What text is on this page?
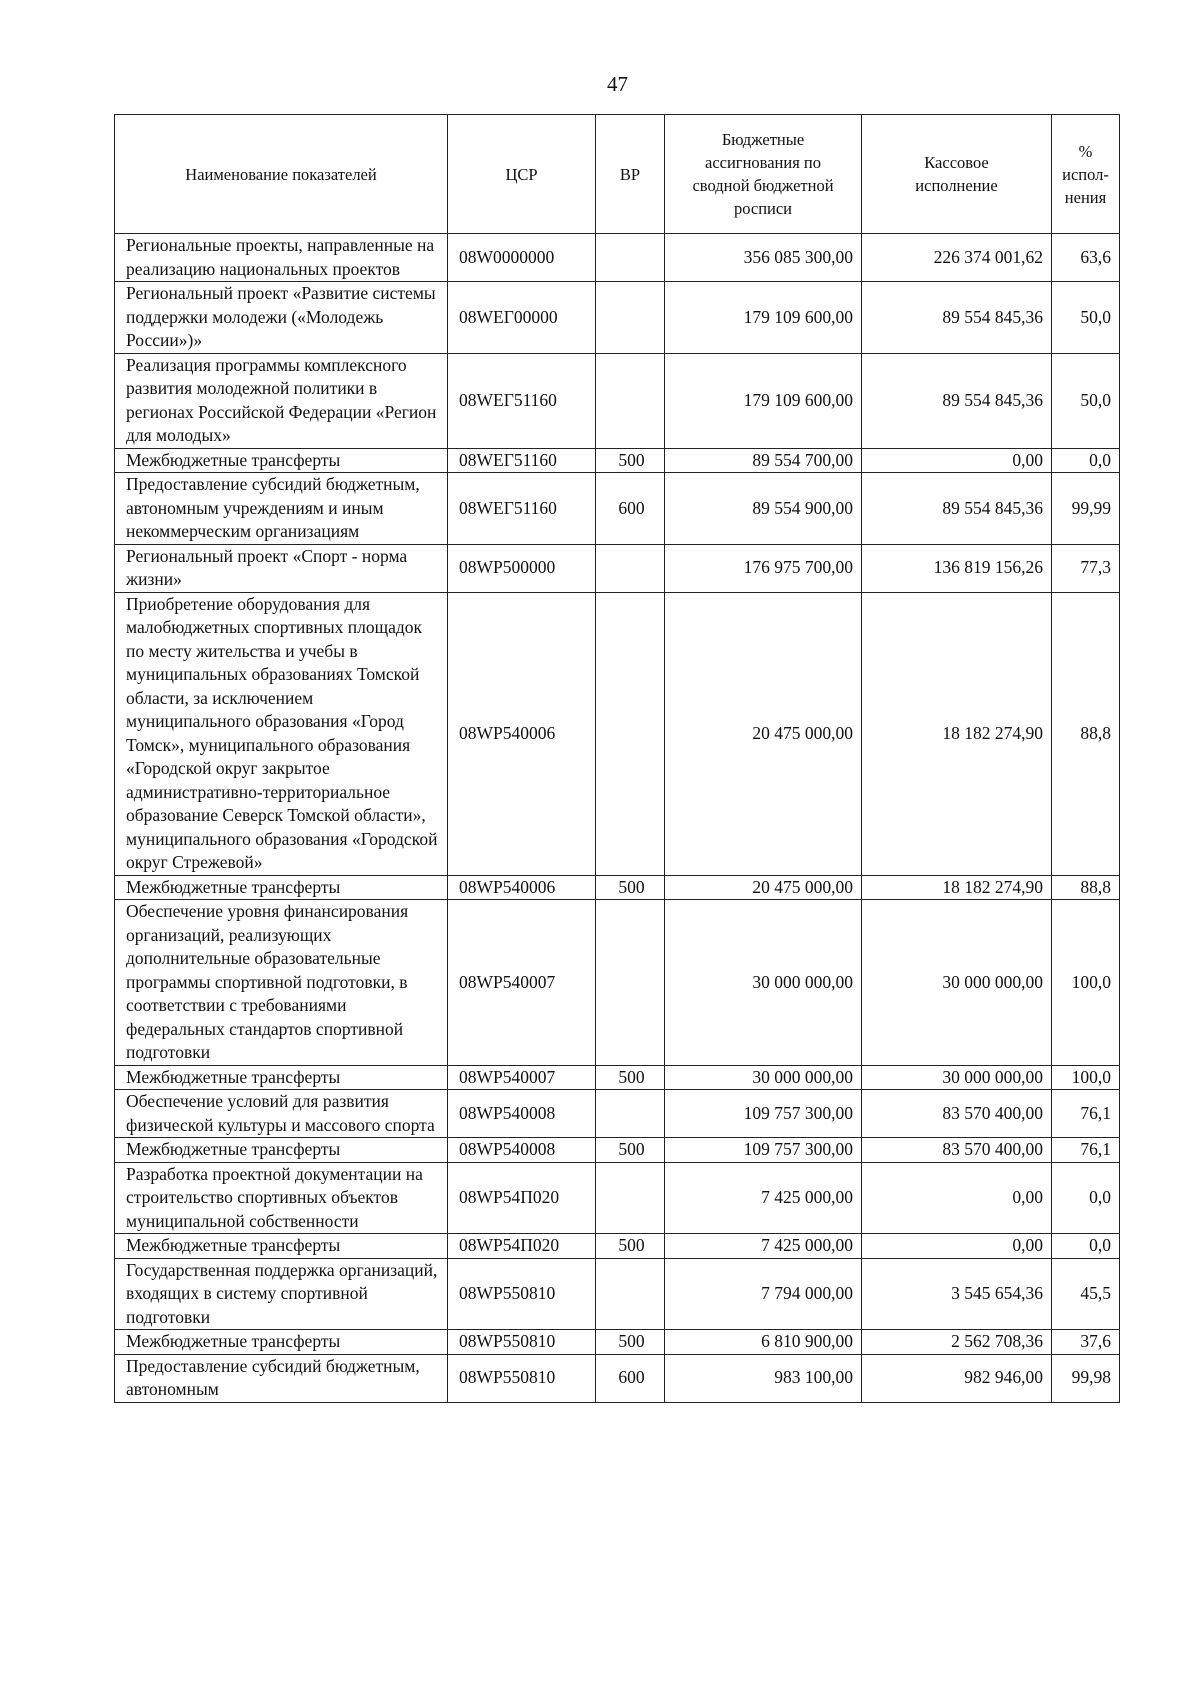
47
Наименование показателей	ЦСР	ВР	Бюджетные ассигнования по сводной бюджетной росписи	Кассовое исполнение	% испол-нения
Региональные проекты, направленные на реализацию национальных проектов	08W0000000		356 085 300,00	226 374 001,62	63,6
Региональный проект «Развитие системы поддержки молодежи («Молодежь России»)»	08WЕГ00000		179 109 600,00	89 554 845,36	50,0
Реализация программы комплексного развития молодежной политики в регионах Российской Федерации «Регион для молодых»	08WЕГ51160		179 109 600,00	89 554 845,36	50,0
Межбюджетные трансферты	08WЕГ51160	500	89 554 700,00	0,00	0,0
Предоставление субсидий бюджетным, автономным учреждениям и иным некоммерческим организациям	08WЕГ51160	600	89 554 900,00	89 554 845,36	99,99
Региональный проект «Спорт - норма жизни»	08WР500000		176 975 700,00	136 819 156,26	77,3
Приобретение оборудования для малобюджетных спортивных площадок по месту жительства и учебы в муниципальных образованиях Томской области, за исключением муниципального образования «Город Томск», муниципального образования «Городской округ закрытое административно-территориальное образование Северск Томской области», муниципального образования «Городской округ Стрежевой»	08WР540006		20 475 000,00	18 182 274,90	88,8
Межбюджетные трансферты	08WР540006	500	20 475 000,00	18 182 274,90	88,8
Обеспечение уровня финансирования организаций, реализующих дополнительные образовательные программы спортивной подготовки, в соответствии с требованиями федеральных стандартов спортивной подготовки	08WР540007		30 000 000,00	30 000 000,00	100,0
Межбюджетные трансферты	08WР540007	500	30 000 000,00	30 000 000,00	100,0
Обеспечение условий для развития физической культуры и массового спорта	08WР540008		109 757 300,00	83 570 400,00	76,1
Межбюджетные трансферты	08WР540008	500	109 757 300,00	83 570 400,00	76,1
Разработка проектной документации на строительство спортивных объектов муниципальной собственности	08WР54П020		7 425 000,00	0,00	0,0
Межбюджетные трансферты	08WР54П020	500	7 425 000,00	0,00	0,0
Государственная поддержка организаций, входящих в систему спортивной подготовки	08WР550810		7 794 000,00	3 545 654,36	45,5
Межбюджетные трансферты	08WР550810	500	6 810 900,00	2 562 708,36	37,6
Предоставление субсидий бюджетным, автономным	08WР550810	600	983 100,00	982 946,00	99,98
